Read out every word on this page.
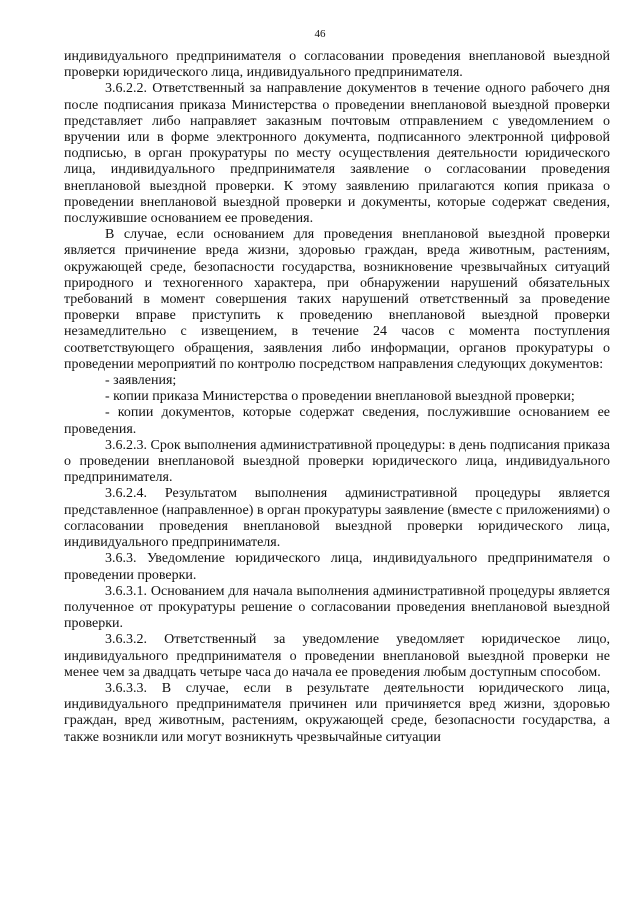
46

индивидуального предпринимателя о согласовании проведения внеплановой выездной проверки юридического лица, индивидуального предпринимателя.

3.6.2.2. Ответственный за направление документов в течение одного рабочего дня после подписания приказа Министерства о проведении внеплановой выездной проверки представляет либо направляет заказным почтовым отправлением с уведомлением о вручении или в форме электронного документа, подписанного электронной цифровой подписью, в орган прокуратуры по месту осуществления деятельности юридического лица, индивидуального предпринимателя заявление о согласовании проведения внеплановой выездной проверки. К этому заявлению прилагаются копия приказа о проведении внеплановой выездной проверки и документы, которые содержат сведения, послужившие основанием ее проведения.

В случае, если основанием для проведения внеплановой выездной проверки является причинение вреда жизни, здоровью граждан, вреда животным, растениям, окружающей среде, безопасности государства, возникновение чрезвычайных ситуаций природного и техногенного характера, при обнаружении нарушений обязательных требований в момент совершения таких нарушений ответственный за проведение проверки вправе приступить к проведению внеплановой выездной проверки незамедлительно с извещением, в течение 24 часов с момента поступления соответствующего обращения, заявления либо информации, органов прокуратуры о проведении мероприятий по контролю посредством направления следующих документов:

- заявления;

- копии приказа Министерства о проведении внеплановой выездной проверки;

- копии документов, которые содержат сведения, послужившие основанием ее проведения.

3.6.2.3. Срок выполнения административной процедуры: в день подписания приказа о проведении внеплановой выездной проверки юридического лица, индивидуального предпринимателя.

3.6.2.4. Результатом выполнения административной процедуры является представленное (направленное) в орган прокуратуры заявление (вместе с приложениями) о согласовании проведения внеплановой выездной проверки юридического лица, индивидуального предпринимателя.

3.6.3. Уведомление юридического лица, индивидуального предпринимателя о проведении проверки.

3.6.3.1. Основанием для начала выполнения административной процедуры является полученное от прокуратуры решение о согласовании проведения внеплановой выездной проверки.

3.6.3.2. Ответственный за уведомление уведомляет юридическое лицо, индивидуального предпринимателя о проведении внеплановой выездной проверки не менее чем за двадцать четыре часа до начала ее проведения любым доступным способом.

3.6.3.3. В случае, если в результате деятельности юридического лица, индивидуального предпринимателя причинен или причиняется вред жизни, здоровью граждан, вред животным, растениям, окружающей среде, безопасности государства, а также возникли или могут возникнуть чрезвычайные ситуации
